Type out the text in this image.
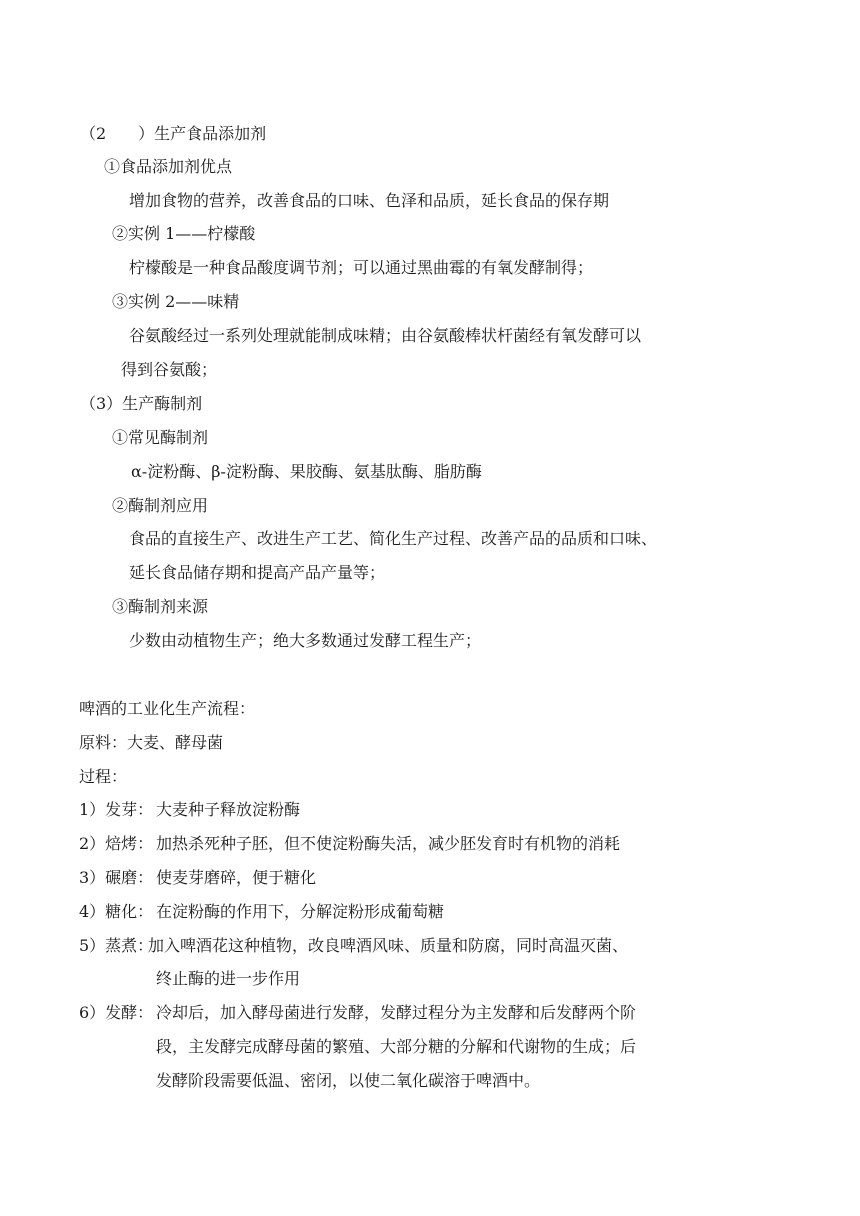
（2　　）生产食品添加剂
①食品添加剂优点
增加食物的营养，改善食品的口味、色泽和品质，延长食品的保存期
②实例 1——柠檬酸
柠檬酸是一种食品酸度调节剂；可以通过黑曲霉的有氧发酵制得；
③实例 2——味精
谷氨酸经过一系列处理就能制成味精；由谷氨酸棒状杆菌经有氧发酵可以
得到谷氨酸；
（3）生产酶制剂
①常见酶制剂
α-淀粉酶、β-淀粉酶、果胶酶、氨基肽酶、脂肪酶
②酶制剂应用
食品的直接生产、改进生产工艺、简化生产过程、改善产品的品质和口味、
延长食品储存期和提高产品产量等；
③酶制剂来源
少数由动植物生产；绝大多数通过发酵工程生产；
啤酒的工业化生产流程：
原料：大麦、酵母菌
过程：
1）发芽： 大麦种子释放淀粉酶
2）焙烤： 加热杀死种子胚，但不使淀粉酶失活，减少胚发育时有机物的消耗
3）碾磨： 使麦芽磨碎，便于糖化
4）糖化： 在淀粉酶的作用下，分解淀粉形成葡萄糖
5）蒸煮：
加入啤酒花这种植物，改良啤酒风味、质量和防腐，同时高温灭菌、
终止酶的进一步作用
6）发酵： 冷却后，加入酵母菌进行发酵，发酵过程分为主发酵和后发酵两个阶
段，主发酵完成酵母菌的繁殖、大部分糖的分解和代谢物的生成；后
发酵阶段需要低温、密闭，以使二氧化碳溶于啤酒中。
